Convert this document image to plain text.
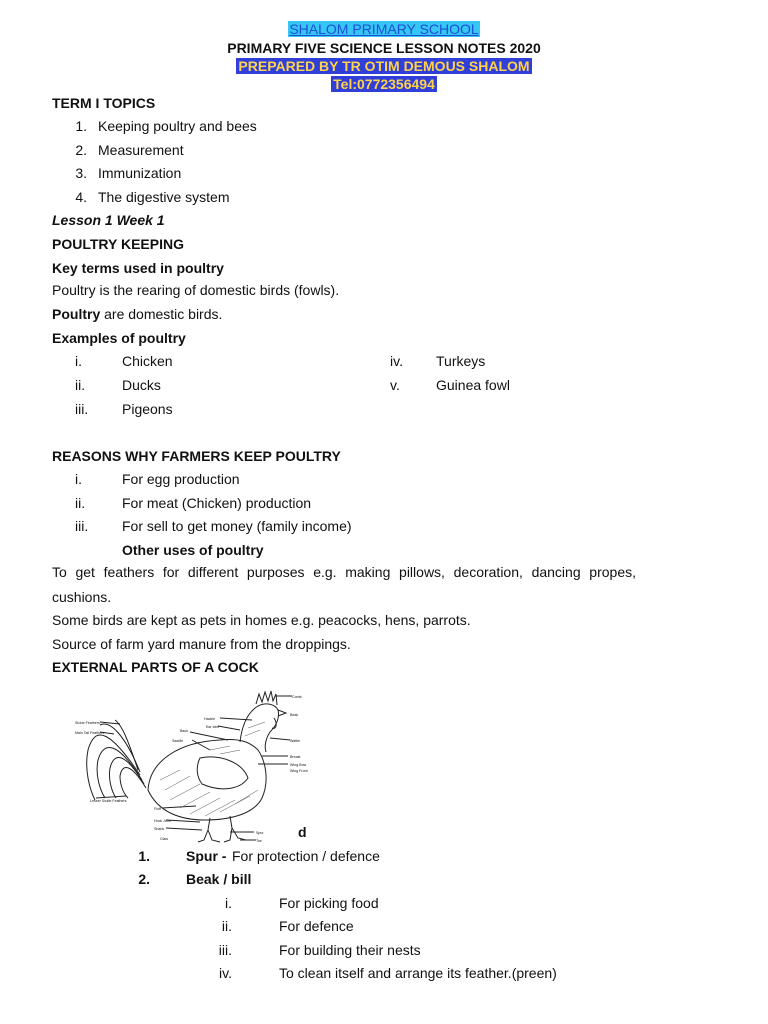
SHALOM PRIMARY SCHOOL
PRIMARY FIVE SCIENCE LESSON NOTES 2020
PREPARED BY TR OTIM DEMOUS SHALOM
Tel:0772356494
TERM I TOPICS
1. Keeping poultry and bees
2. Measurement
3. Immunization
4. The digestive system
Lesson 1 Week 1
POULTRY KEEPING
Key terms used in poultry
Poultry is the rearing of domestic birds (fowls).
Poultry are domestic birds.
Examples of poultry
i.	Chicken
ii.	Ducks
iii.	Pigeons
iv.	Turkeys
v.	Guinea fowl
REASONS WHY FARMERS KEEP POULTRY
i.	For egg production
ii.	For meat (Chicken) production
iii.	For sell to get money (family income)
Other uses of poultry
To get feathers for different purposes e.g. making pillows, decoration, dancing propes,
cushions.
Some birds are kept as pets in homes e.g. peacocks, hens, parrots.
Source of farm yard manure from the droppings.
EXTERNAL PARTS OF A COCK
Comb
Sickle Feathers
Main Tail Feathers
Lesser Sickle Feathers
Hackle
Back
Saddle	Wattle
Ear lobe
Breast
Wing Bow
Wing Front
Fluff
Hock Joint
Shank
Spur
Toe
Claw
Beak
d
1.	Spur - For protection / defence
2.	Beak / bill
i.	For picking food
ii.	For defence
iii.	For building their nests
iv.	To clean itself and arrange its feather.(preen)
